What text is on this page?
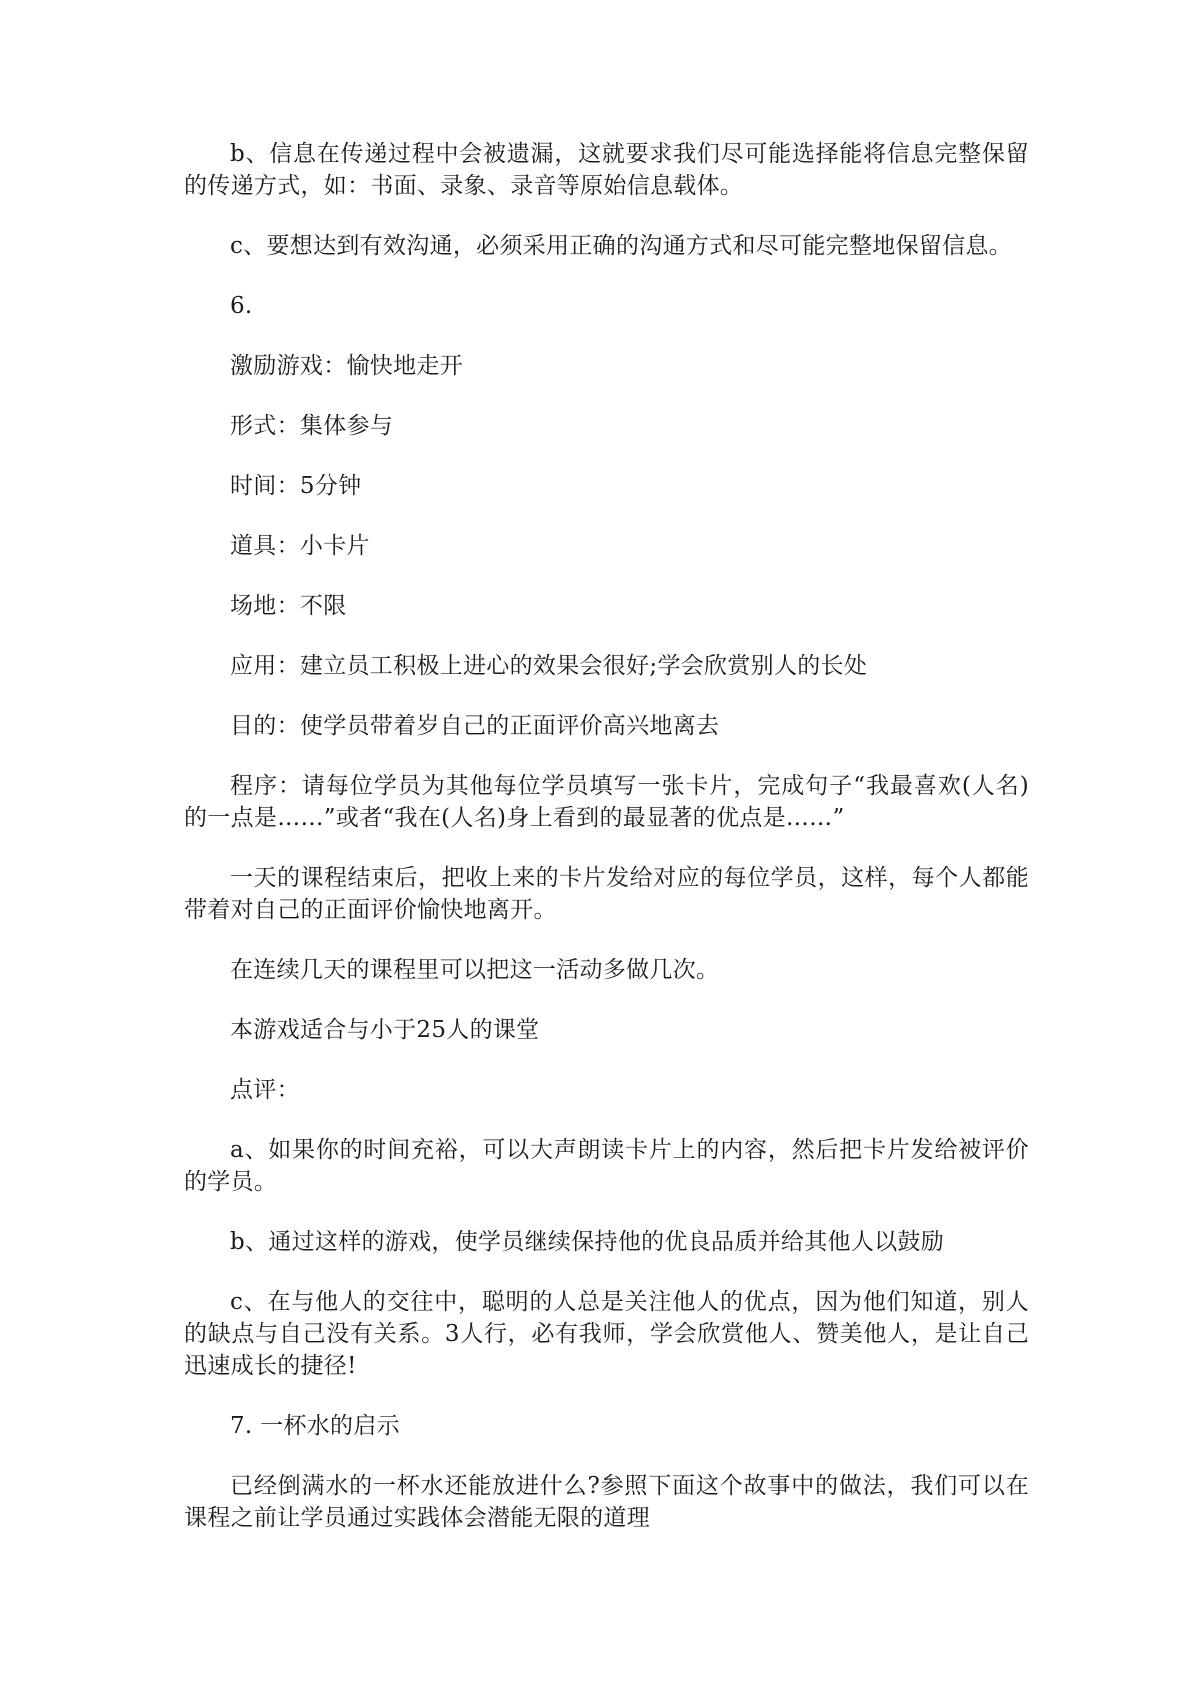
b、信息在传递过程中会被遗漏，这就要求我们尽可能选择能将信息完整保留的传递方式，如：书面、录象、录音等原始信息载体。

c、要想达到有效沟通，必须采用正确的沟通方式和尽可能完整地保留信息。

6.

激励游戏：愉快地走开

形式：集体参与

时间：5分钟

道具：小卡片

场地：不限

应用：建立员工积极上进心的效果会很好;学会欣赏别人的长处

目的：使学员带着岁自己的正面评价高兴地离去

程序：请每位学员为其他每位学员填写一张卡片，完成句子“我最喜欢(人名)的一点是……”或者“我在(人名)身上看到的最显著的优点是……”

一天的课程结束后，把收上来的卡片发给对应的每位学员，这样，每个人都能带着对自己的正面评价愉快地离开。

在连续几天的课程里可以把这一活动多做几次。

本游戏适合与小于25人的课堂

点评：

a、如果你的时间充裕，可以大声朗读卡片上的内容，然后把卡片发给被评价的学员。

b、通过这样的游戏，使学员继续保持他的优良品质并给其他人以鼓励

c、在与他人的交往中，聪明的人总是关注他人的优点，因为他们知道，别人的缺点与自己没有关系。3人行，必有我师，学会欣赏他人、赞美他人，是让自己迅速成长的捷径!

7. 一杯水的启示

已经倒满水的一杯水还能放进什么?参照下面这个故事中的做法，我们可以在课程之前让学员通过实践体会潜能无限的道理
